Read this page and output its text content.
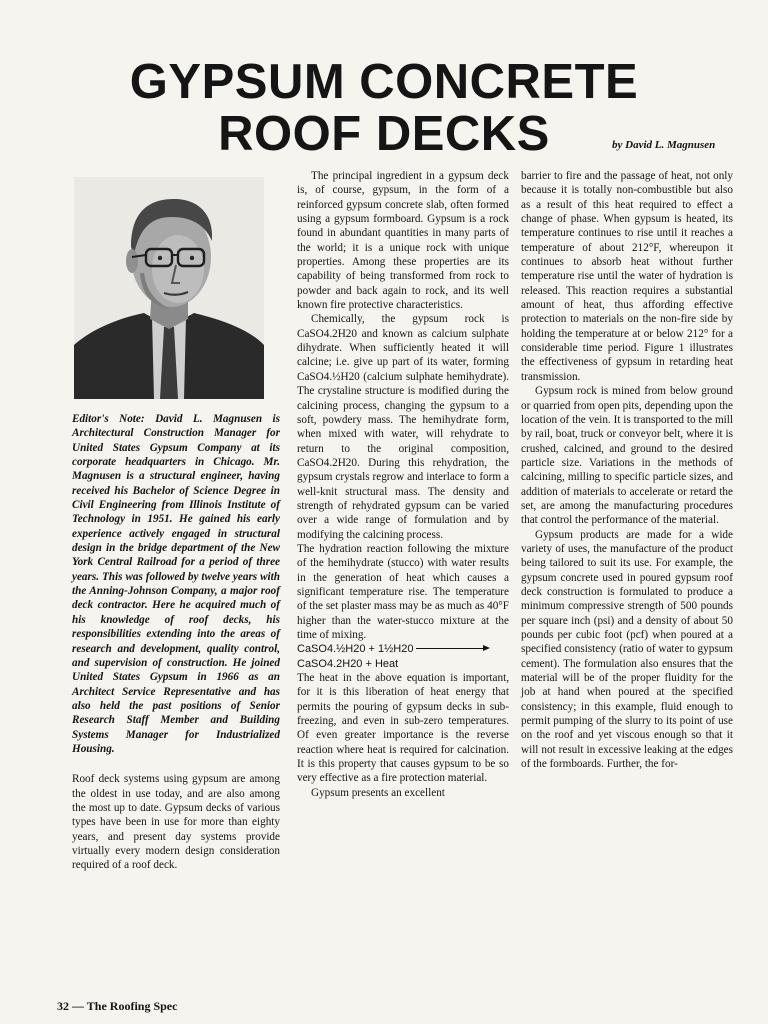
GYPSUM CONCRETE
ROOF DECKS	by David L. Magnusen

Editor's Note: David L. Magnusen is Architectural Construction Manager for United States Gypsum Company at its corporate headquarters in Chicago. Mr. Magnusen is a structural engineer, having received his Bachelor of Science Degree in Civil Engineering from Illinois Institute of Technology in 1951. He gained his early experience actively engaged in structural design in the bridge department of the New York Central Railroad for a period of three years. This was followed by twelve years with the Anning-Johnson Company, a major roof deck contractor. Here he acquired much of his knowledge of roof decks, his responsibilities extending into the areas of research and development, quality control, and supervision of construction. He joined United States Gypsum in 1966 as an Architect Service Representative and has also held the past positions of Senior Research Staff Member and Building Systems Manager for Industrialized Housing.

Roof deck systems using gypsum are among the oldest in use today, and are also among the most up to date. Gypsum decks of various types have been in use for more than eighty years, and present day systems provide virtually every modern design consideration required of a roof deck.

The principal ingredient in a gypsum deck is, of course, gypsum, in the form of a reinforced gypsum concrete slab, often formed using a gypsum formboard. Gypsum is a rock found in abundant quantities in many parts of the world; it is a unique rock with unique properties. Among these properties are its capability of being transformed from rock to powder and back again to rock, and its well known fire protective characteristics.

Chemically, the gypsum rock is CaSO4.2H20 and known as calcium sulphate dihydrate. When sufficiently heated it will calcine; i.e. give up part of its water, forming CaSO4.½H20 (calcium sulphate hemihydrate). The crystaline structure is modified during the calcining process, changing the gypsum to a soft, powdery mass. The hemihydrate form, when mixed with water, will rehydrate to return to the original composition, CaSO4.2H20. During this rehydration, the gypsum crystals regrow and interlace to form a well-knit structural mass. The density and strength of rehydrated gypsum can be varied over a wide range of formulation and by modifying the calcining process.

The hydration reaction following the mixture of the hemihydrate (stucco) with water results in the generation of heat which causes a significant temperature rise. The temperature of the set plaster mass may be as much as 40°F higher than the water-stucco mixture at the time of mixing.

CaSO4.½H20 + 1½H20

CaSO4.2H20 + Heat

The heat in the above equation is important, for it is this liberation of heat energy that permits the pouring of gypsum decks in sub-freezing, and even in sub-zero temperatures. Of even greater importance is the reverse reaction where heat is required for calcination. It is this property that causes gypsum to be so very effective as a fire protection material.

Gypsum presents an excellent

barrier to fire and the passage of heat, not only because it is totally non-combustible but also as a result of this heat required to effect a change of phase. When gypsum is heated, its temperature continues to rise until it reaches a temperature of about 212°F, whereupon it continues to absorb heat without further temperature rise until the water of hydration is released. This reaction requires a substantial amount of heat, thus affording effective protection to materials on the non-fire side by holding the temperature at or below 212° for a considerable time period. Figure 1 illustrates the effectiveness of gypsum in retarding heat transmission.

Gypsum rock is mined from below ground or quarried from open pits, depending upon the location of the vein. It is transported to the mill by rail, boat, truck or conveyor belt, where it is crushed, calcined, and ground to the desired particle size. Variations in the methods of calcining, milling to specific particle sizes, and addition of materials to accelerate or retard the set, are among the manufacturing procedures that control the performance of the material.

Gypsum products are made for a wide variety of uses, the manufacture of the product being tailored to suit its use. For example, the gypsum concrete used in poured gypsum roof deck construction is formulated to produce a minimum compressive strength of 500 pounds per square inch (psi) and a density of about 50 pounds per cubic foot (pcf) when poured at a specified consistency (ratio of water to gypsum cement). The formulation also ensures that the material will be of the proper fluidity for the job at hand when poured at the specified consistency; in this example, fluid enough to permit pumping of the slurry to its point of use on the roof and yet viscous enough so that it will not result in excessive leaking at the edges of the formboards. Further, the for-

32 — The Roofing Spec
